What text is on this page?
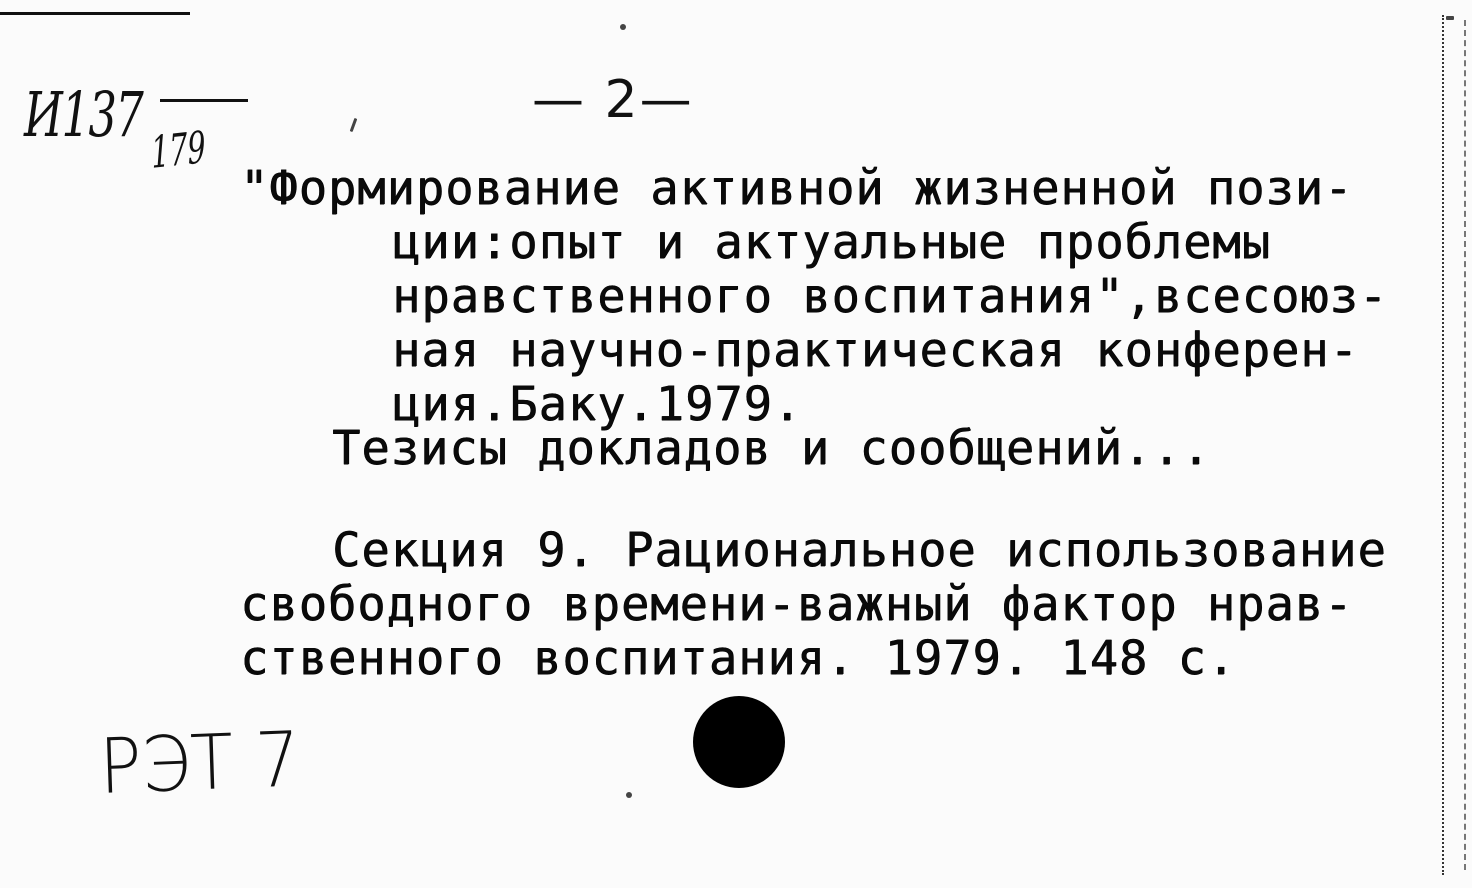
И137 179
— 2—
"Формирование активной жизненной пози-
ции:опыт и актуальные проблемы
нравственного воспитания",всесоюз-
ная научно-практическая конферен-
ция.Баку.1979.
Тезисы докладов и сообщений...
Секция 9. Рациональное использование
свободного времени-важный фактор нрав-
ственного воспитания. 1979. 148 с.
РЭТ 7
